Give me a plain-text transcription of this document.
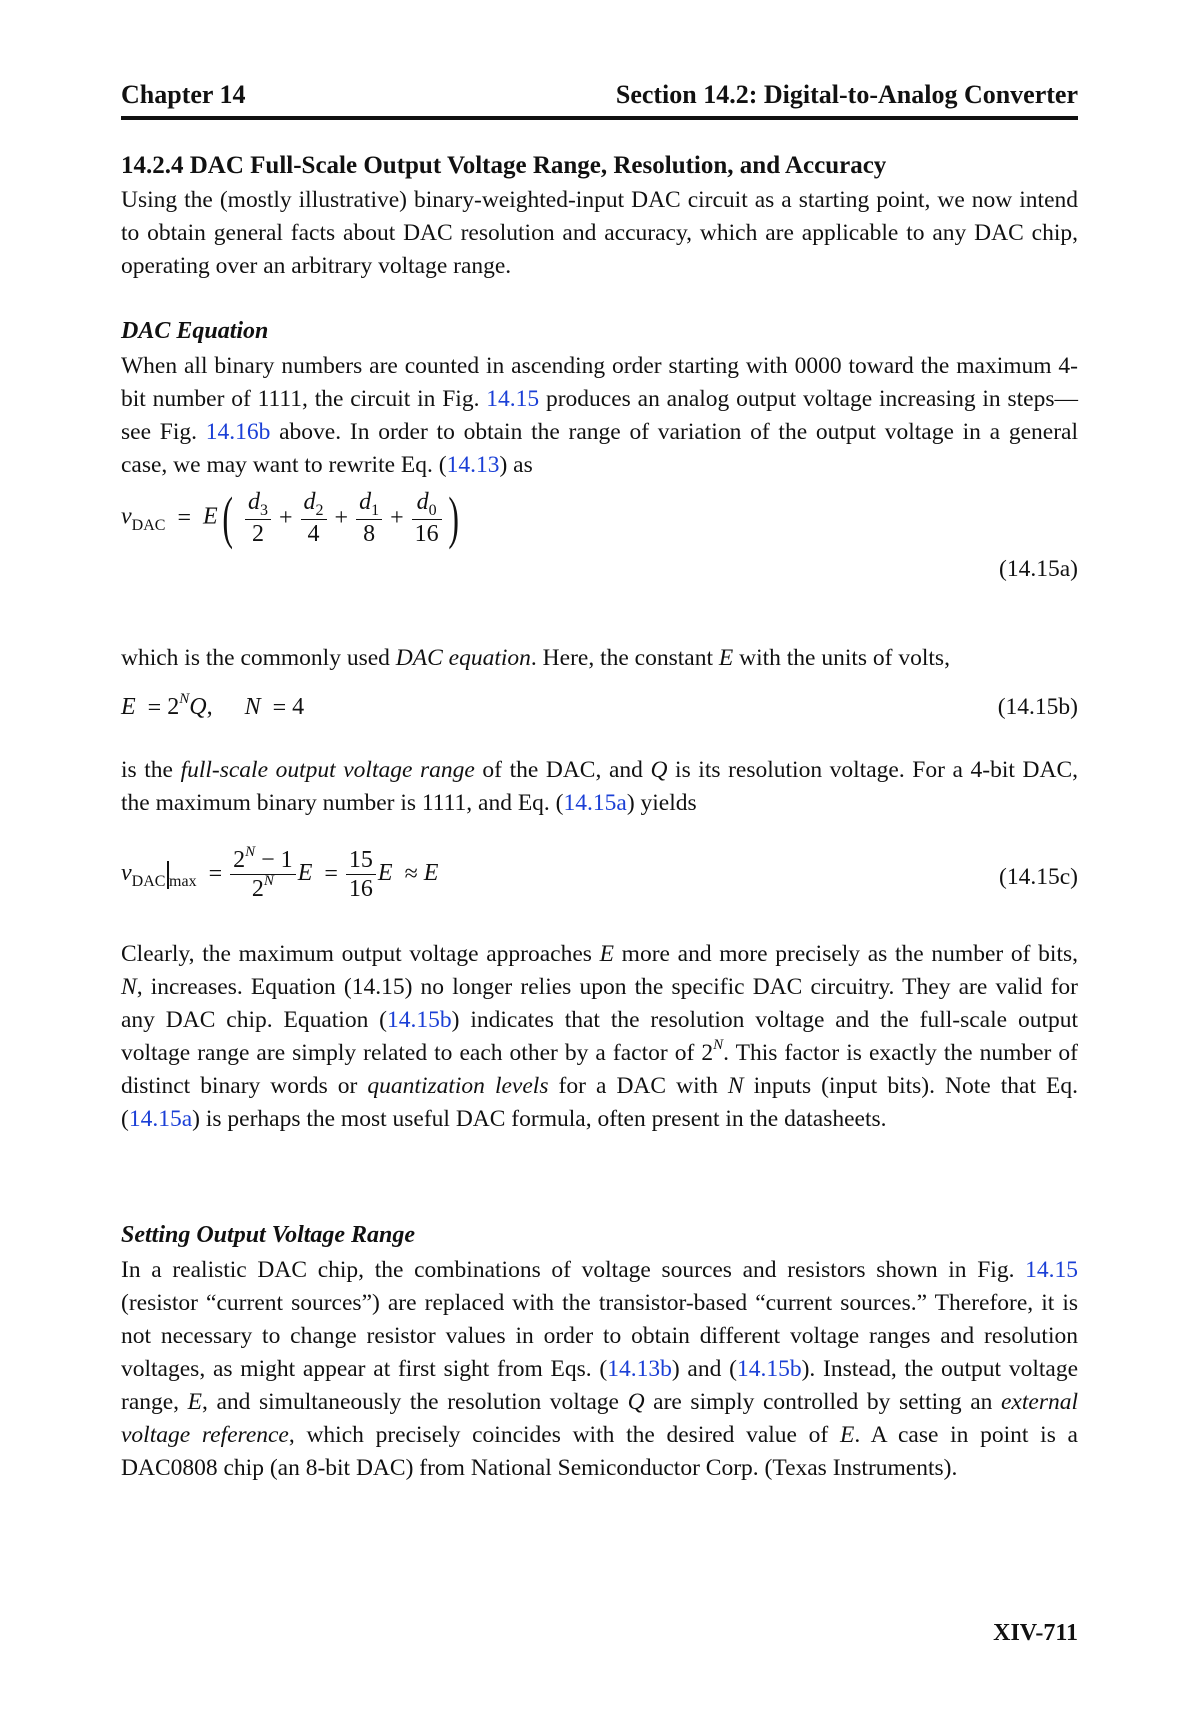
Chapter 14	Section 14.2: Digital-to-Analog Converter
14.2.4 DAC Full-Scale Output Voltage Range, Resolution, and Accuracy

Using the (mostly illustrative) binary-weighted-input DAC circuit as a starting point, we now intend to obtain general facts about DAC resolution and accuracy, which are applicable to any DAC chip, operating over an arbitrary voltage range.

DAC Equation

When all binary numbers are counted in ascending order starting with 0000 toward the maximum 4-bit number of 1111, the circuit in Fig. 14.15 produces an analog output voltage increasing in steps—see Fig. 14.16b above. In order to obtain the range of variation of the output voltage in a general case, we may want to rewrite Eq. (14.13) as

$v_{DAC} = E( \frac{d_3}{2} + \frac{d_2}{4} + \frac{d_1}{8} + \frac{d_0}{16}$ )
(14.15a)

which is the commonly used DAC equation. Here, the constant E with the units of volts,

$E = 2^NQ$, N = 4	(14.15b)

is the full-scale output voltage range of the DAC, and Q is its resolution voltage. For a 4-bit DAC, the maximum binary number is 1111, and Eq. (14.15a) yields

$v_{DAC}$ $_{max} = \frac{2^N - 1}{2^N}$ $E = \frac{15}{16}$ E ≈ E	(14.15c)

Clearly, the maximum output voltage approaches E more and more precisely as the number of bits, N, increases. Equation (14.15) no longer relies upon the specific DAC circuitry. They are valid for any DAC chip. Equation (14.15b) indicates that the resolution voltage and the full-scale output voltage range are simply related to each other by a factor of $2^N$. This factor is exactly the number of distinct binary words or quantization levels for a DAC with N inputs (input bits). Note that Eq. (14.15a) is perhaps the most useful DAC formula, often present in the datasheets.

Setting Output Voltage Range

In a realistic DAC chip, the combinations of voltage sources and resistors shown in Fig. 14.15 (resistor “current sources”) are replaced with the transistor-based “current sources.” Therefore, it is not necessary to change resistor values in order to obtain different voltage ranges and resolution voltages, as might appear at first sight from Eqs. (14.13b) and (14.15b). Instead, the output voltage range, E, and simultaneously the resolution voltage Q are simply controlled by setting an external voltage reference, which precisely coincides with the desired value of E. A case in point is a DAC0808 chip (an 8-bit DAC) from National Semiconductor Corp. (Texas Instruments).

XIV-711
